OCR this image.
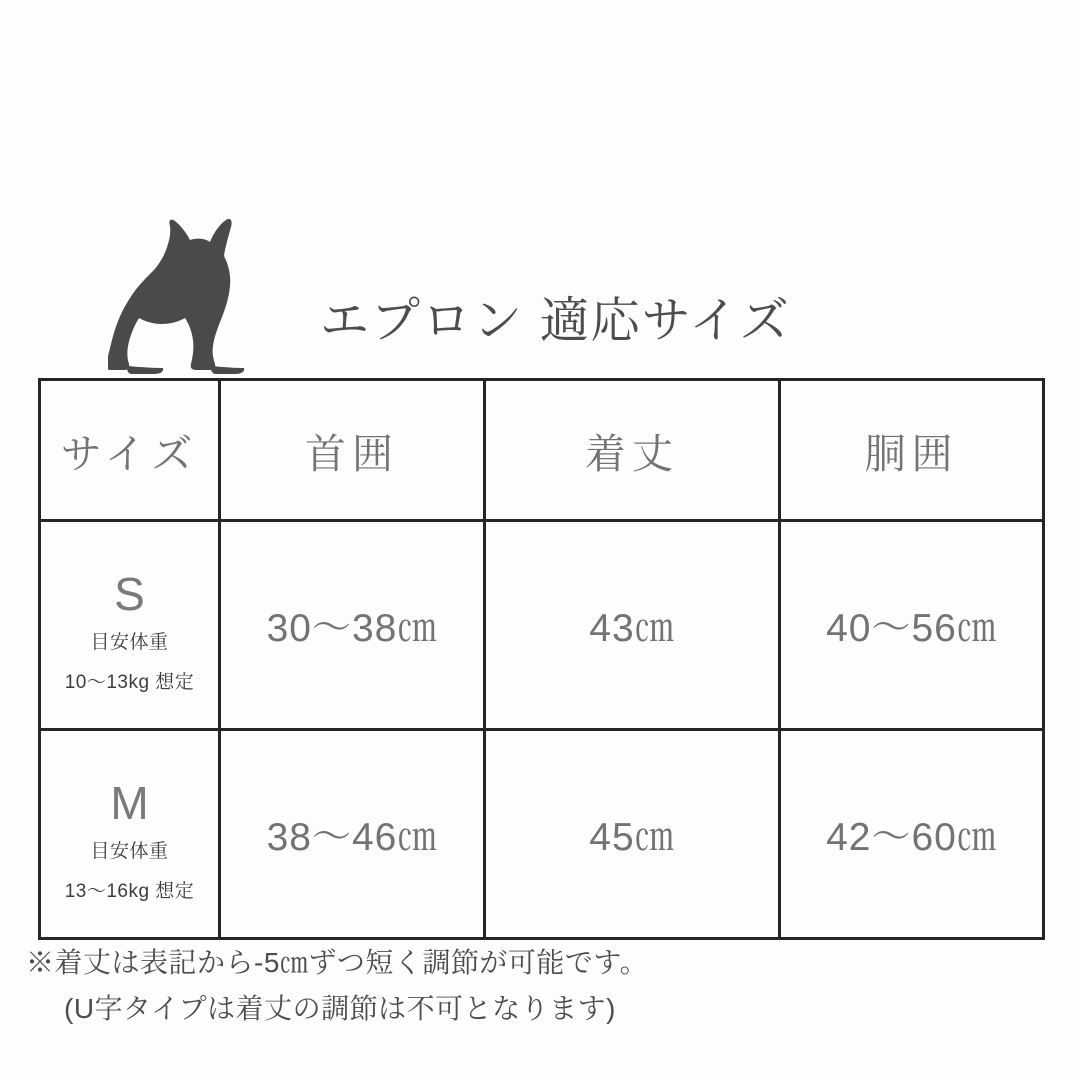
エプロン 適応サイズ
サイズ	首囲	着丈	胴囲

S
目安体重
10〜13kg 想定	30〜38㎝	43㎝	40〜56㎝

M
目安体重
13〜16kg 想定	38〜46㎝	45㎝	42〜60㎝
※着丈は表記から-5㎝ずつ短く調節が可能です。
(U字タイプは着丈の調節は不可となります)
